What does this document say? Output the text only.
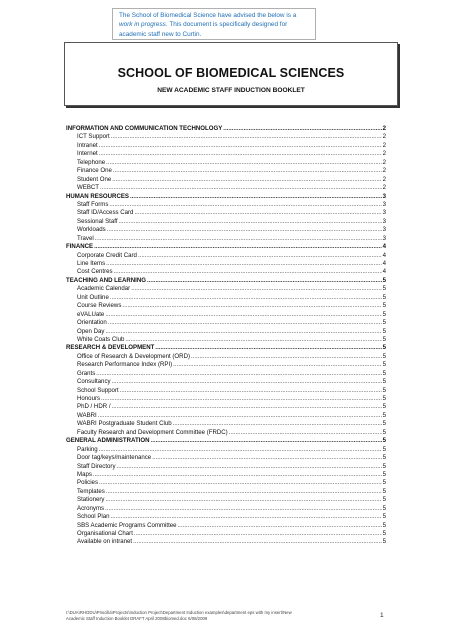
The School of Biomedical Science have advised the below is a work in progress. This document is specifically designed for academic staff new to Curtin.
SCHOOL OF BIOMEDICAL SCIENCES
NEW ACADEMIC STAFF INDUCTION BOOKLET
INFORMATION AND COMMUNICATION TECHNOLOGY .....	2
ICT Support .....	2
Intranet .....	2
Internet .....	2
Telephone .....	2
Finance One .....	2
Student One .....	2
WEBCT .....	2
HUMAN RESOURCES .....	3
Staff Forms .....	3
Staff ID/Access Card .....	3
Sessional Staff .....	3
Workloads .....	3
Travel .....	3
FINANCE .....	4
Corporate Credit Card .....	4
Line Items .....	4
Cost Centres .....	4
TEACHING AND LEARNING .....	5
Academic Calendar .....	5
Unit Outline .....	5
Course Reviews .....	5
eVALUate .....	5
Orientation .....	5
Open Day .....	5
White Coats Club .....	5
RESEARCH & DEVELOPMENT .....	5
Office of Research & Development (ORD) .....	5
Research Performance Index (RPI) .....	5
Grants .....	5
Consultancy .....	5
School Support .....	5
Honours .....	5
PhD / HDR / .....	5
WABRI .....	5
WABRI Postgraduate Student Club .....	5
Faculty Research and Development Committee (FRDC) .....	5
GENERAL ADMINISTRATION .....	5
Parking .....	5
Door tag/keys/maintenance .....	5
Staff Directory .....	5
Maps .....	5
Policies .....	5
Templates .....	5
Stationery .....	5
Acronyms .....	5
School Plan .....	5
SBS Academic Programs Committee .....	5
Organisational Chart .....	5
Available on intranet .....	5
I:\DUA\RHODU\Priscilla\Projects\Induction Project\Department Induction examples\department eps with my insert\New
Academic Staff Induction Booklet DRAFT April 2008biomed.doc 6/08/2009	1
